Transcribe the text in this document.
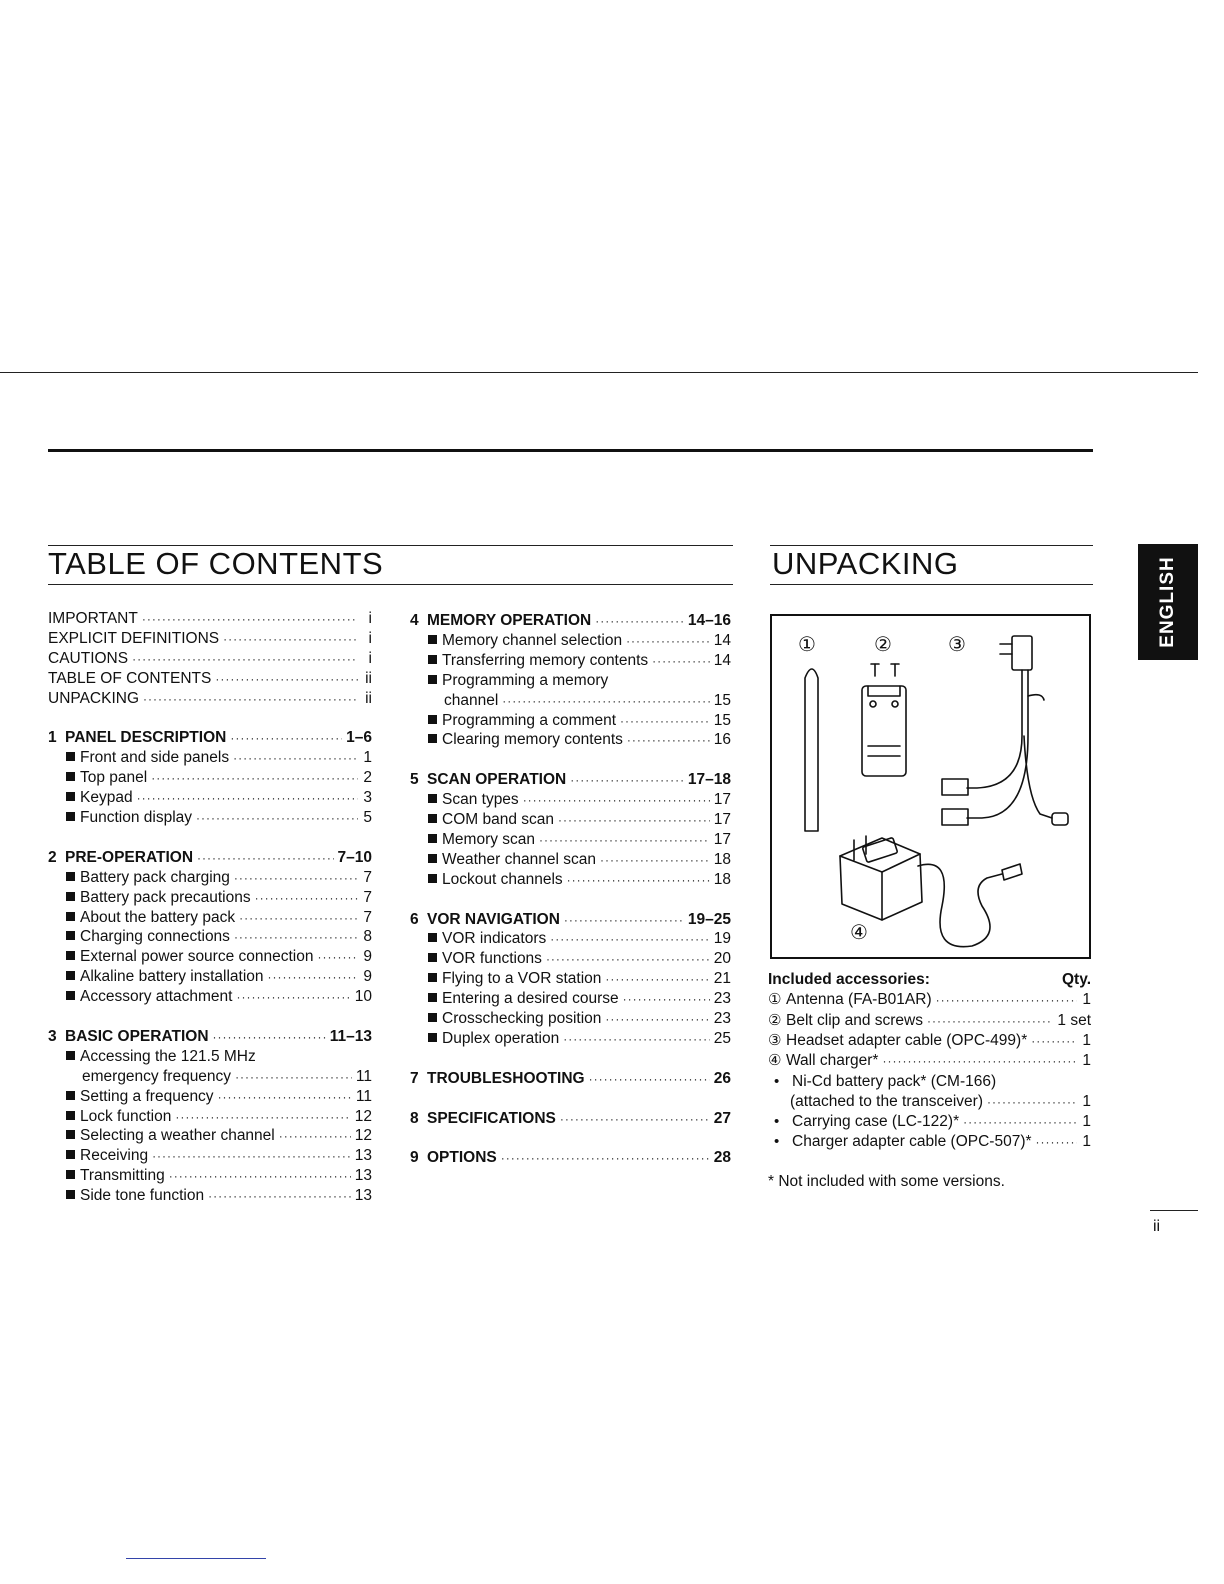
TABLE OF CONTENTS	UNPACKING
IMPORTANT ·····	i
EXPLICIT DEFINITIONS ·····	i
CAUTIONS ·····	i
TABLE OF CONTENTS ·····	ii
UNPACKING ·····	ii
1 PANEL DESCRIPTION ·····	1–6
Front and side panels ·····	1
Top panel ·····	2
Keypad ·····	3
Function display ·····	5
2 PRE-OPERATION ·····	7–10
Battery pack charging ·····	7
Battery pack precautions ·····	7
About the battery pack ·····	7
Charging connections ·····	8
External power source connection ·····	9
Alkaline battery installation ·····	9
Accessory attachment ·····	10
3 BASIC OPERATION ·····	11–13
Accessing the 121.5 MHz
emergency frequency ·····	11
Setting a frequency ·····	11
Lock function ·····	12
Selecting a weather channel ·····	12
Receiving ·····	13
Transmitting ·····	13
Side tone function ·····	13
4 MEMORY OPERATION ·····	14–16
Memory channel selection ·····	14
Transferring memory contents ·····	14
Programming a memory
channel ·····	15
Programming a comment ·····	15
Clearing memory contents ·····	16
5 SCAN OPERATION ·····	17–18
Scan types ·····	17
COM band scan ·····	17
Memory scan ·····	17
Weather channel scan ·····	18
Lockout channels ·····	18
6 VOR NAVIGATION ·····	19–25
VOR indicators ·····	19
VOR functions ·····	20
Flying to a VOR station ·····	21
Entering a desired course ·····	23
Crosschecking position ·····	23
Duplex operation ·····	25
7 TROUBLESHOOTING ·····	26
8 SPECIFICATIONS ·····	27
9 OPTIONS ·····	28
①	②	③
④
Included accessories:	Qty.
① Antenna (FA-B01AR) ·····	1
② Belt clip and screws ·····	1 set
③ Headset adapter cable (OPC-499)* ·····	1
④ Wall charger* ·····	1
• Ni-Cd battery pack* (CM-166)
(attached to the transceiver) ·····	1
• Carrying case (LC-122)* ·····	1
• Charger adapter cable (OPC-507)* ·····	1
* Not included with some versions.
ENGLISH
ii
